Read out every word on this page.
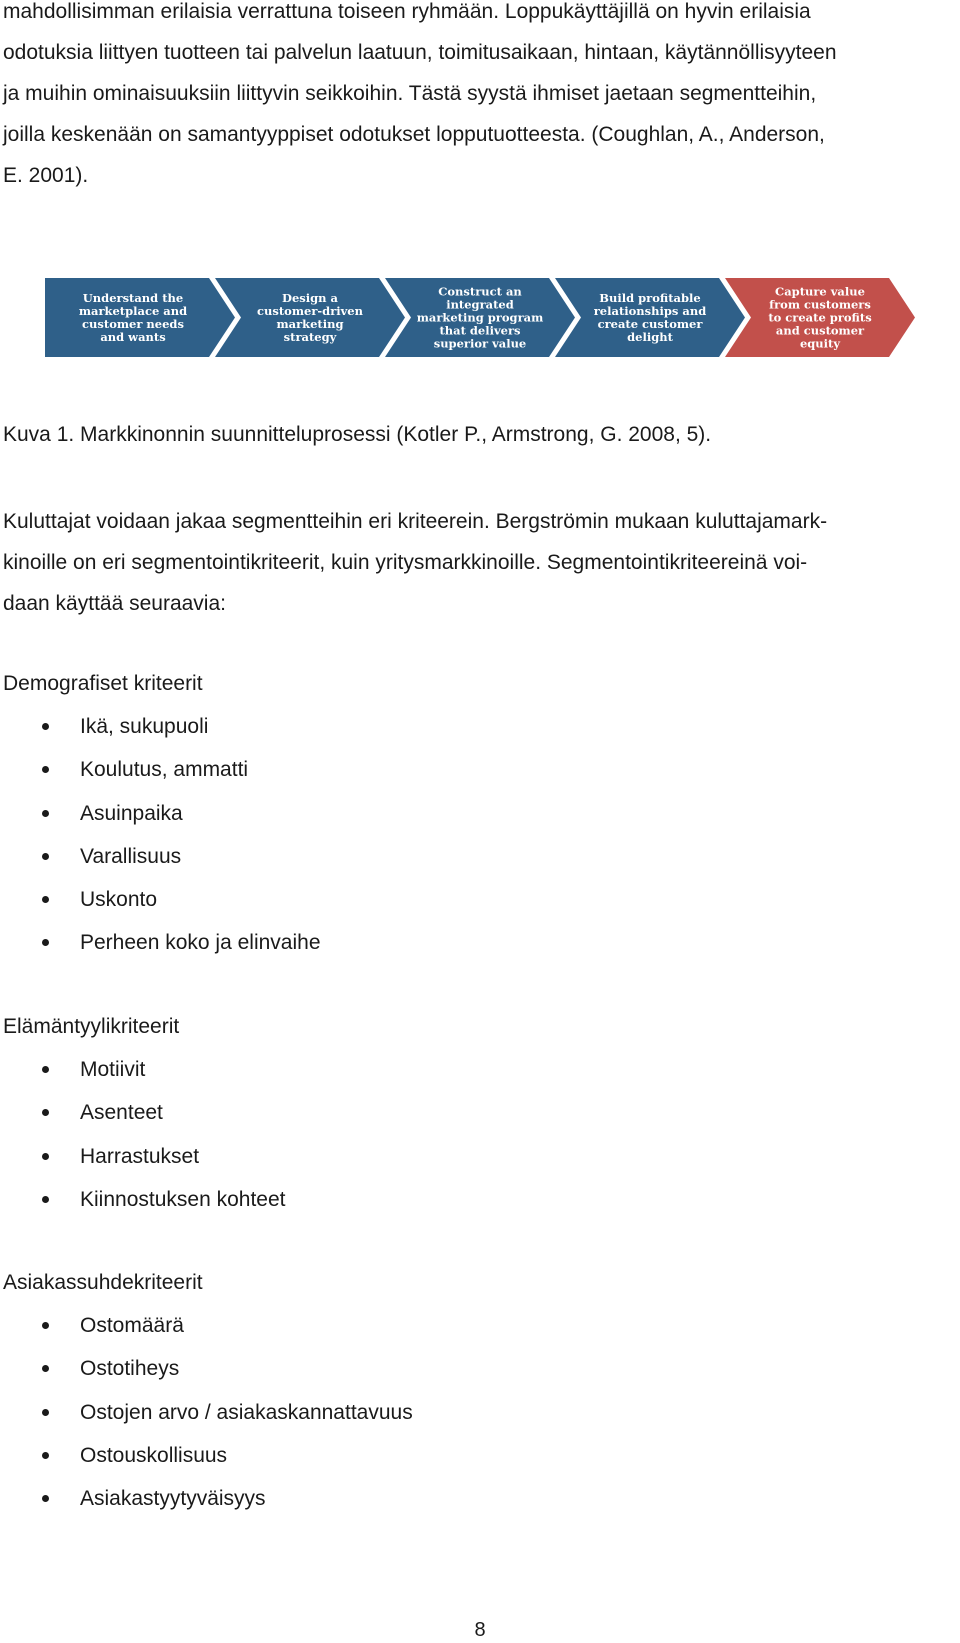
mahdollisimman erilaisia verrattuna toiseen ryhmään. Loppukäyttäjillä on hyvin erilaisia
odotuksia liittyen tuotteen tai palvelun laatuun, toimitusaikaan, hintaan, käytännöllisyyteen
ja muihin ominaisuuksiin liittyvin seikkoihin. Tästä syystä ihmiset jaetaan segmentteihin,
joilla keskenään on samantyyppiset odotukset lopputuotteesta. (Coughlan, A., Anderson,
E. 2001).

Understand the marketplace and customer needs and wants
Design a customer-driven marketing strategy
Construct an integrated marketing program that delivers superior value
Build profitable relationships and create customer delight
Capture value from customers to create profits and customer equity

Kuva 1. Markkinonnin suunnitteluprosessi (Kotler P., Armstrong, G. 2008, 5).

Kuluttajat voidaan jakaa segmentteihin eri kriteerein. Bergströmin mukaan kuluttajamark-
kinoille on eri segmentointikriteerit, kuin yritysmarkkinoille. Segmentointikriteereinä voi-
daan käyttää seuraavia:

Demografiset kriteerit

Ikä, sukupuoli
Koulutus, ammatti
Asuinpaika
Varallisuus
Uskonto
Perheen koko ja elinvaihe

Elämäntyylikriteerit

Motiivit
Asenteet
Harrastukset
Kiinnostuksen kohteet

Asiakassuhdekriteerit

Ostomäärä
Ostotiheys
Ostojen arvo / asiakaskannattavuus
Ostouskollisuus
Asiakastyytyväisyys
8
